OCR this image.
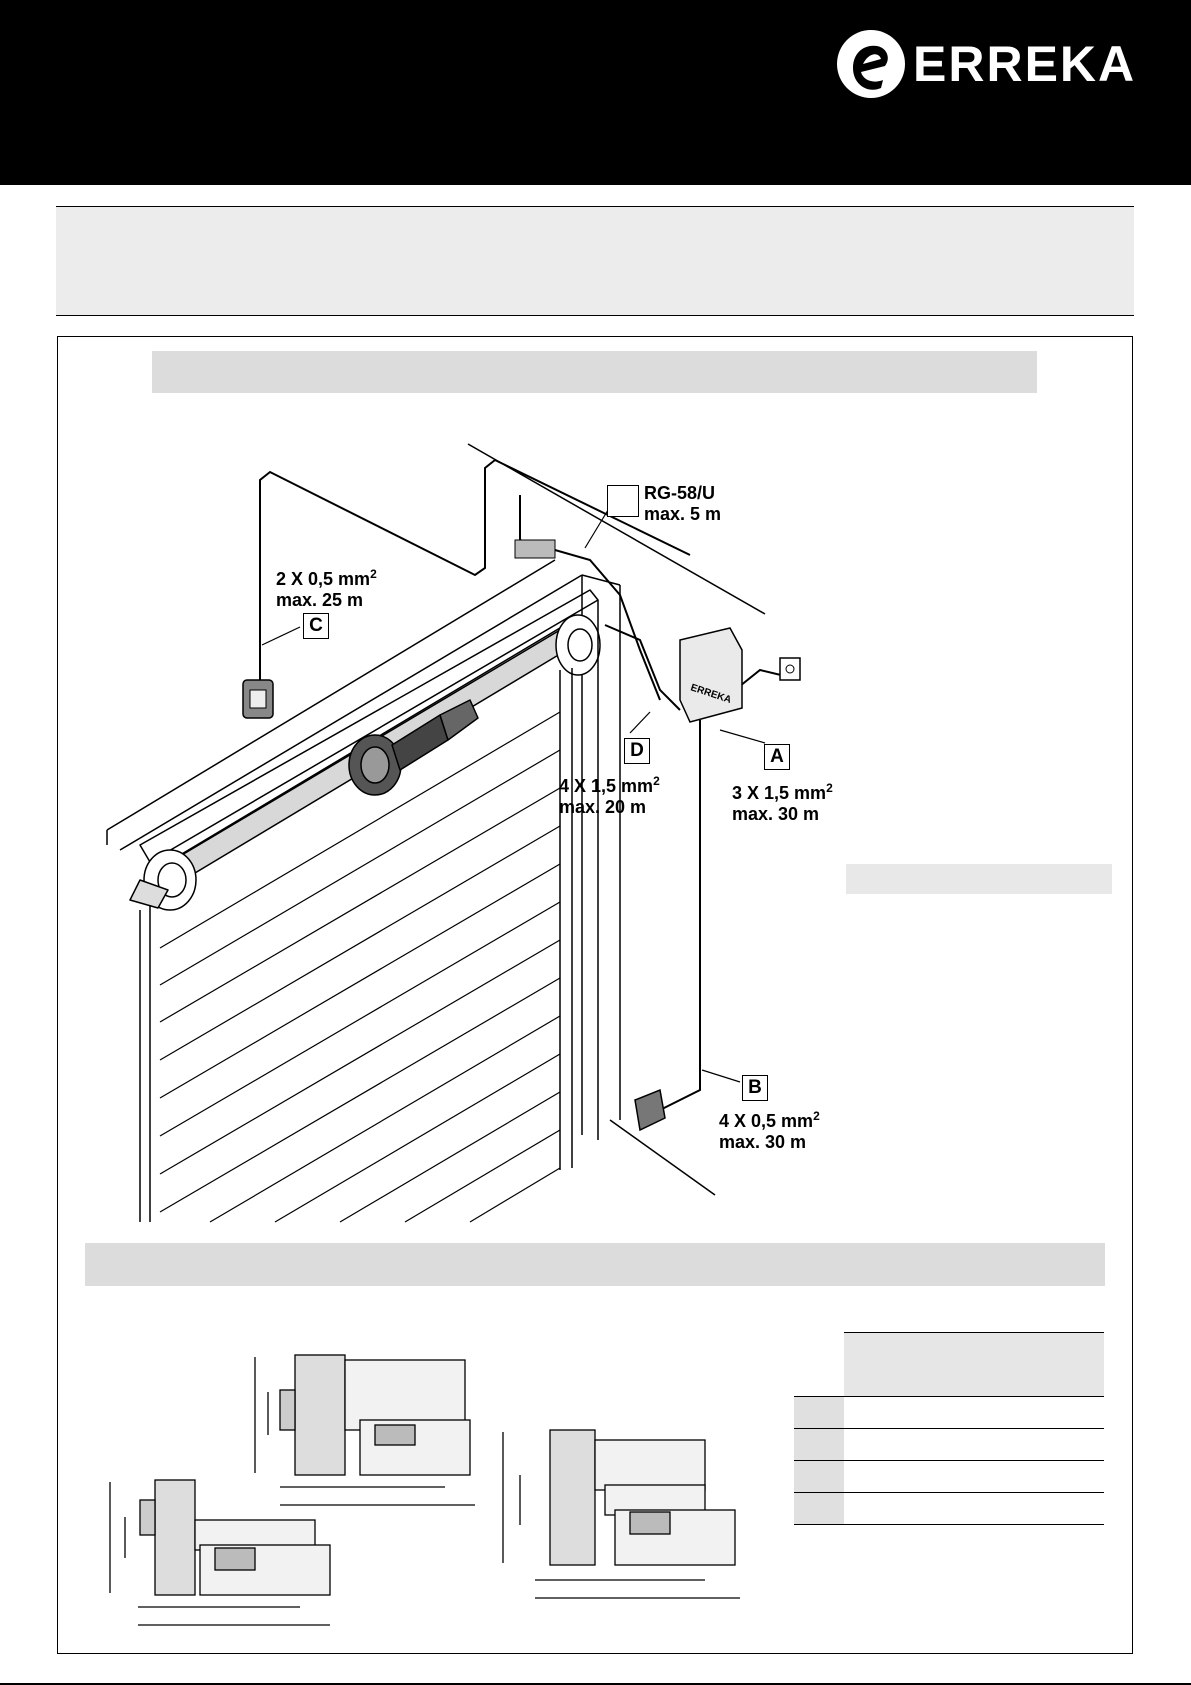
ERREKA
ERREKA
RG-58/U
max. 5 m
2 X 0,5 $mm^2$
max. 25 m
C
D
4 X 1,5 $mm^2$
max. 20 m
A
3 X 1,5 $mm^2$
max. 30 m
B
4 X 0,5 $mm^2$
max. 30 m
